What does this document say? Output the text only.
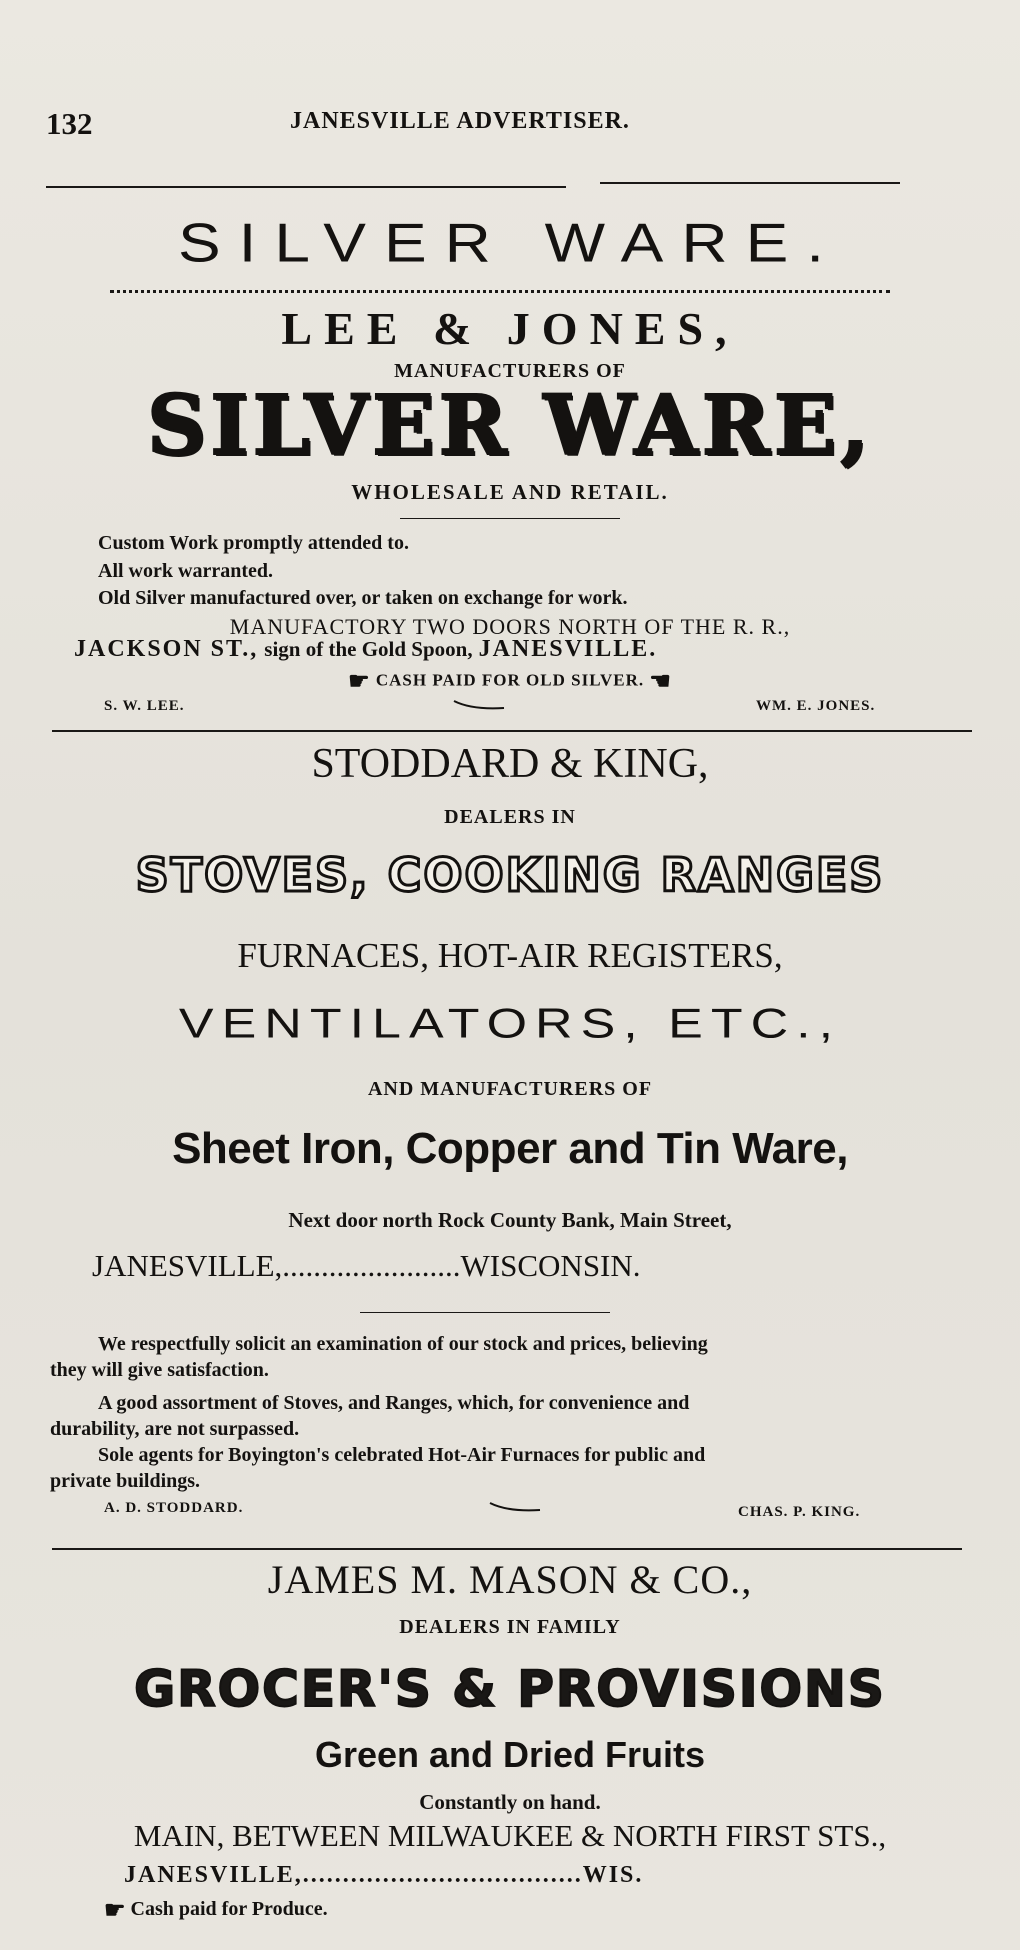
132	JANESVILLE ADVERTISER.
SILVER WARE.
LEE & JONES,
MANUFACTURERS OF
SILVER WARE,
WHOLESALE AND RETAIL.
Custom Work promptly attended to.
All work warranted.
Old Silver manufactured over, or taken on exchange for work.
MANUFACTORY TWO DOORS NORTH OF THE R. R.,
JACKSON ST., sign of the Gold Spoon, JANESVILLE.
☛ CASH PAID FOR OLD SILVER. ☚
S. W. LEE.	WM. E. JONES.
STODDARD & KING,
DEALERS IN
STOVES, COOKING RANGES
FURNACES, HOT-AIR REGISTERS,
VENTILATORS, ETC.,
AND MANUFACTURERS OF
Sheet Iron, Copper and Tin Ware,
Next door north Rock County Bank, Main Street,
JANESVILLE,.......................WISCONSIN.
We respectfully solicit an examination of our stock and prices, believing
they will give satisfaction.
A good assortment of Stoves, and Ranges, which, for convenience and
durability, are not surpassed.
Sole agents for Boyington's celebrated Hot-Air Furnaces for public and
private buildings.
A. D. STODDARD.	CHAS. P. KING.
JAMES M. MASON & CO.,
DEALERS IN FAMILY
GROCER'S & PROVISIONS
Green and Dried Fruits
Constantly on hand.
MAIN, BETWEEN MILWAUKEE & NORTH FIRST STS.,
JANESVILLE,...................................WIS.
☛ Cash paid for Produce.
